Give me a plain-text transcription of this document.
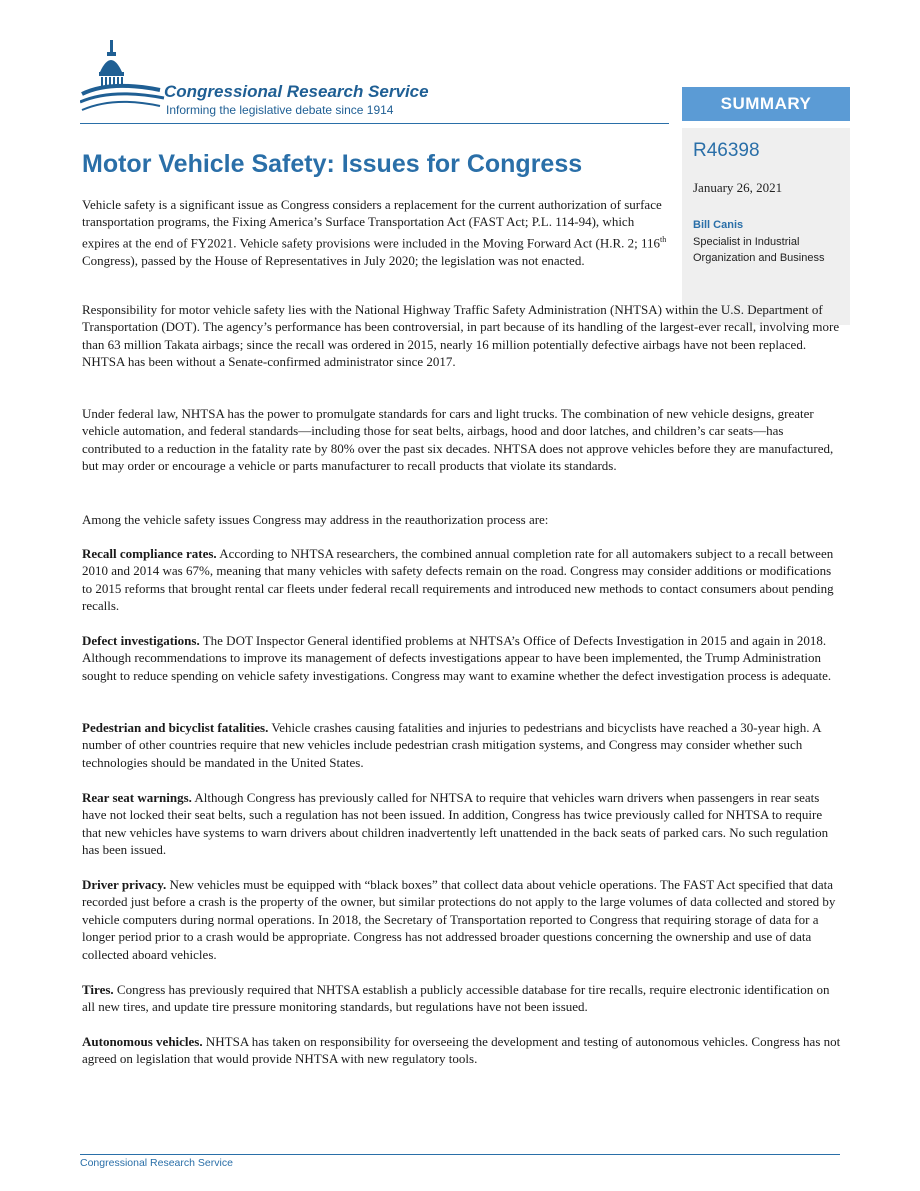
Congressional Research Service
Informing the legislative debate since 1914	SUMMARY
R46398
January 26, 2021
Bill Canis
Specialist in Industrial Organization and Business
Motor Vehicle Safety: Issues for Congress

Vehicle safety is a significant issue as Congress considers a replacement for the current authorization of surface transportation programs, the Fixing America’s Surface Transportation Act (FAST Act; P.L. 114-94), which expires at the end of FY2021. Vehicle safety provisions were included in the Moving Forward Act (H.R. 2; 116th Congress), passed by the House of Representatives in July 2020; the legislation was not enacted.

Responsibility for motor vehicle safety lies with the National Highway Traffic Safety Administration (NHTSA) within the U.S. Department of Transportation (DOT). The agency’s performance has been controversial, in part because of its handling of the largest-ever recall, involving more than 63 million Takata airbags; since the recall was ordered in 2015, nearly 16 million potentially defective airbags have not been replaced. NHTSA has been without a Senate-confirmed administrator since 2017.

Under federal law, NHTSA has the power to promulgate standards for cars and light trucks. The combination of new vehicle designs, greater vehicle automation, and federal standards—including those for seat belts, airbags, hood and door latches, and children’s car seats—has contributed to a reduction in the fatality rate by 80% over the past six decades. NHTSA does not approve vehicles before they are manufactured, but may order or encourage a vehicle or parts manufacturer to recall products that violate its standards.

Among the vehicle safety issues Congress may address in the reauthorization process are:

Recall compliance rates. According to NHTSA researchers, the combined annual completion rate for all automakers subject to a recall between 2010 and 2014 was 67%, meaning that many vehicles with safety defects remain on the road. Congress may consider additions or modifications to 2015 reforms that brought rental car fleets under federal recall requirements and introduced new methods to contact consumers about pending recalls.

Defect investigations. The DOT Inspector General identified problems at NHTSA’s Office of Defects Investigation in 2015 and again in 2018. Although recommendations to improve its management of defects investigations appear to have been implemented, the Trump Administration sought to reduce spending on vehicle safety investigations. Congress may want to examine whether the defect investigation process is adequate.

Pedestrian and bicyclist fatalities. Vehicle crashes causing fatalities and injuries to pedestrians and bicyclists have reached a 30-year high. A number of other countries require that new vehicles include pedestrian crash mitigation systems, and Congress may consider whether such technologies should be mandated in the United States.

Rear seat warnings. Although Congress has previously called for NHTSA to require that vehicles warn drivers when passengers in rear seats have not locked their seat belts, such a regulation has not been issued. In addition, Congress has twice previously called for NHTSA to require that new vehicles have systems to warn drivers about children inadvertently left unattended in the back seats of parked cars. No such regulation has been issued.

Driver privacy. New vehicles must be equipped with “black boxes” that collect data about vehicle operations. The FAST Act specified that data recorded just before a crash is the property of the owner, but similar protections do not apply to the large volumes of data collected and stored by vehicle computers during normal operations. In 2018, the Secretary of Transportation reported to Congress that requiring storage of data for a longer period prior to a crash would be appropriate. Congress has not addressed broader questions concerning the ownership and use of data collected aboard vehicles.

Tires. Congress has previously required that NHTSA establish a publicly accessible database for tire recalls, require electronic identification on all new tires, and update tire pressure monitoring standards, but regulations have not been issued.

Autonomous vehicles. NHTSA has taken on responsibility for overseeing the development and testing of autonomous vehicles. Congress has not agreed on legislation that would provide NHTSA with new regulatory tools.

Congressional Research Service
